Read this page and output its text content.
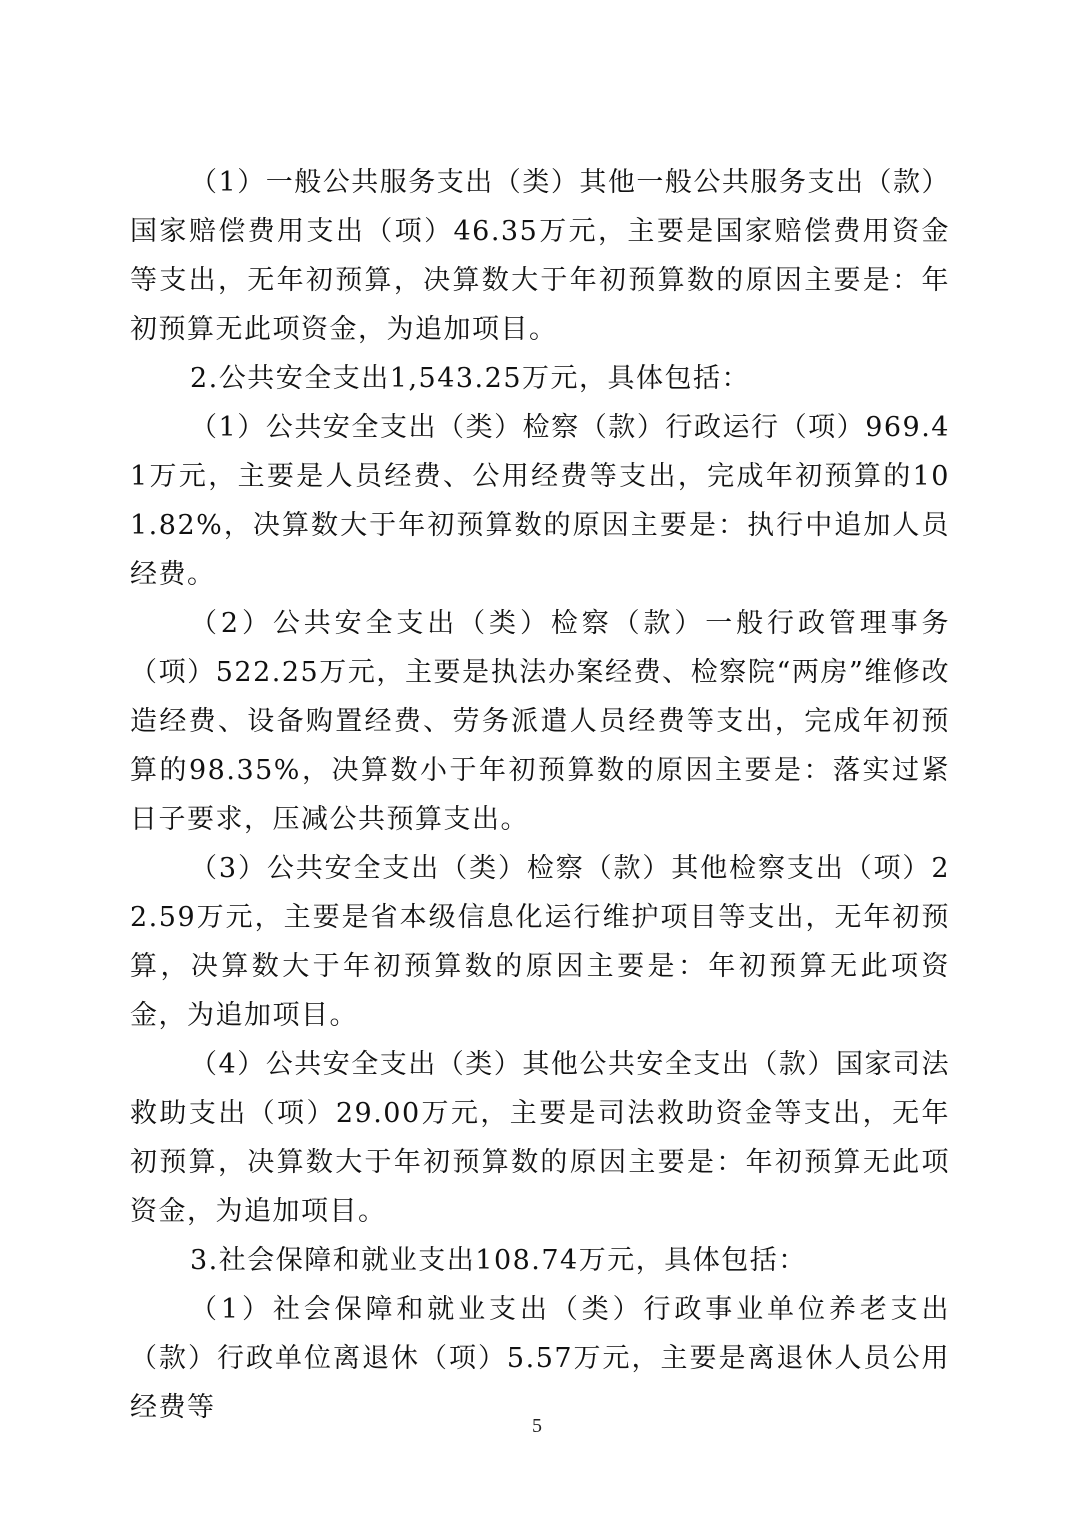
（1）一般公共服务支出（类）其他一般公共服务支出（款）国家赔偿费用支出（项）46.35万元，主要是国家赔偿费用资金等支出，无年初预算，决算数大于年初预算数的原因主要是：年初预算无此项资金，为追加项目。

2.公共安全支出1,543.25万元，具体包括：

（1）公共安全支出（类）检察（款）行政运行（项）969.41万元，主要是人员经费、公用经费等支出，完成年初预算的101.82%，决算数大于年初预算数的原因主要是：执行中追加人员经费。

（2）公共安全支出（类）检察（款）一般行政管理事务（项）522.25万元，主要是执法办案经费、检察院“两房”维修改造经费、设备购置经费、劳务派遣人员经费等支出，完成年初预算的98.35%，决算数小于年初预算数的原因主要是：落实过紧日子要求，压减公共预算支出。

（3）公共安全支出（类）检察（款）其他检察支出（项）22.59万元，主要是省本级信息化运行维护项目等支出，无年初预算，决算数大于年初预算数的原因主要是：年初预算无此项资金，为追加项目。

（4）公共安全支出（类）其他公共安全支出（款）国家司法救助支出（项）29.00万元，主要是司法救助资金等支出，无年初预算，决算数大于年初预算数的原因主要是：年初预算无此项资金，为追加项目。

3.社会保障和就业支出108.74万元，具体包括：

（1）社会保障和就业支出（类）行政事业单位养老支出（款）行政单位离退休（项）5.57万元，主要是离退休人员公用经费等

5
